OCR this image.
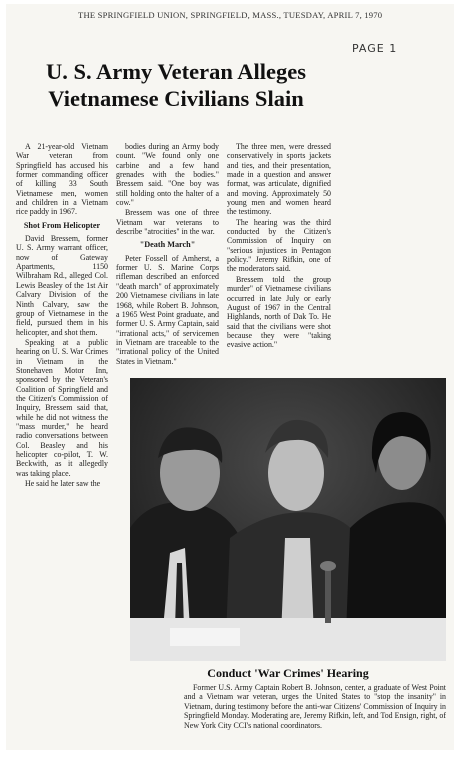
THE SPRINGFIELD UNION, SPRINGFIELD, MASS., TUESDAY, APRIL 7, 1970
PAGE 1
U. S. Army Veteran Alleges Vietnamese Civilians Slain

A 21-year-old Vietnam War veteran from Springfield has accused his former commanding officer of killing 33 South Vietnamese men, women and children in a Vietnam rice paddy in 1967.

Shot From Helicopter

David Bressem, former U. S. Army warrant officer, now of Gateway Apartments, 1150 Wilbraham Rd., alleged Col. Lewis Beasley of the 1st Air Calvary Division of the Ninth Calvary, saw the group of Vietnamese in the field, pursued them in his helicopter, and shot them.

Speaking at a public hearing on U. S. War Crimes in Vietnam in the Stonehaven Motor Inn, sponsored by the Veteran's Coalition of Springfield and the Citizen's Commission of Inquiry, Bressem said that, while he did not witness the "mass murder," he heard radio conversations between Col. Beasley and his helicopter co-pilot, T. W. Beckwith, as it allegedly was taking place.

He said he later saw the

bodies during an Army body count. "We found only one carbine and a few hand grenades with the bodies." Bressem said. "One boy was still holding onto the halter of a cow."

Bressem was one of three Vietnam war veterans to describe "atrocities" in the war.

"Death March"

Peter Fossell of Amherst, a former U. S. Marine Corps rifleman described an enforced "death march" of approximately 200 Vietnamese civilians in late 1968, while Robert B. Johnson, a 1965 West Point graduate, and former U. S. Army Captain, said "irrational acts," of servicemen in Vietnam are traceable to the "irrational policy of the United States in Vietnam."

The three men, were dressed conservatively in sports jackets and ties, and their presentation, made in a question and answer format, was articulate, dignified and moving. Approximately 50 young men and women heard the testimony.

The hearing was the third conducted by the Citizen's Commission of Inquiry on "serious injustices in Pentagon policy." Jeremy Rifkin, one of the moderators said.

Bressem told the group murder" of Vietnamese civilians occurred in late July or early August of 1967 in the Central Highlands, north of Dak To. He said that the civilians were shot because they were "taking evasive action."

Conduct 'War Crimes' Hearing

Former U.S. Army Captain Robert B. Johnson, center, a graduate of West Point and a Vietnam war veteran, urges the United States to "stop the insanity" in Vietnam, during testimony before the anti-war Citizens' Commission of Inquiry in Springfield Monday. Moderating are, Jeremy Rifkin, left, and Tod Ensign, right, of New York City CCI's national coordinators.
